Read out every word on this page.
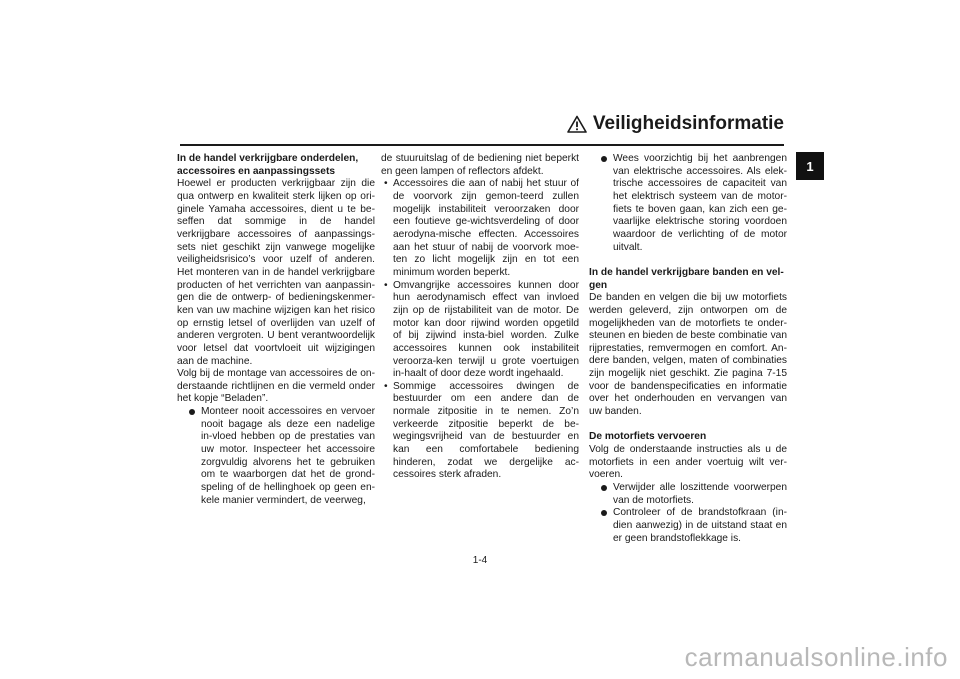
Veiligheidsinformatie
1

In de handel verkrijgbare onderdelen, accessoires en aanpassingssets

Hoewel er producten verkrijgbaar zijn die qua ontwerp en kwaliteit sterk lijken op ori-ginele Yamaha accessoires, dient u te be-seffen dat sommige in de handel verkrijgbare accessoires of aanpassings-sets niet geschikt zijn vanwege mogelijke veiligheidsrisico’s voor uzelf of anderen. Het monteren van in de handel verkrijgbare producten of het verrichten van aanpassin-gen die de ontwerp- of bedieningskenmer-ken van uw machine wijzigen kan het risico op ernstig letsel of overlijden van uzelf of anderen vergroten. U bent verantwoordelijk voor letsel dat voortvloeit uit wijzigingen aan de machine.

Volg bij de montage van accessoires de on-derstaande richtlijnen en die vermeld onder het kopje “Beladen”.

Monteer nooit accessoires en vervoer nooit bagage als deze een nadelige in-vloed hebben op de prestaties van uw motor. Inspecteer het accessoire zorgvuldig alvorens het te gebruiken om te waarborgen dat het de grond-speling of de hellinghoek op geen en-kele manier vermindert, de veerweg,

de stuuruitslag of de bediening niet beperkt en geen lampen of reflectors afdekt.

• Accessoires die aan of nabij het stuur of de voorvork zijn gemon-teerd zullen mogelijk instabiliteit veroorzaken door een foutieve ge-wichtsverdeling of door aerodyna-mische effecten. Accessoires aan het stuur of nabij de voorvork moe-ten zo licht mogelijk zijn en tot een minimum worden beperkt.
• Omvangrijke accessoires kunnen door hun aerodynamisch effect van invloed zijn op de rijstabiliteit van de motor. De motor kan door rijwind worden opgetild of bij zijwind insta-biel worden. Zulke accessoires kunnen ook instabiliteit veroorza-ken terwijl u grote voertuigen in-haalt of door deze wordt ingehaald.
• Sommige accessoires dwingen de bestuurder om een andere dan de normale zitpositie in te nemen. Zo’n verkeerde zitpositie beperkt de be-wegingsvrijheid van de bestuurder en kan een comfortabele bediening hinderen, zodat we dergelijke ac-cessoires sterk afraden.
Wees voorzichtig bij het aanbrengen van elektrische accessoires. Als elek-trische accessoires de capaciteit van het elektrisch systeem van de motor-fiets te boven gaan, kan zich een ge-vaarlijke elektrische storing voordoen waardoor de verlichting of de motor uitvalt.

In de handel verkrijgbare banden en vel-gen

De banden en velgen die bij uw motorfiets werden geleverd, zijn ontworpen om de mogelijkheden van de motorfiets te onder-steunen en bieden de beste combinatie van rijprestaties, remvermogen en comfort. An-dere banden, velgen, maten of combinaties zijn mogelijk niet geschikt. Zie pagina 7-15 voor de bandenspecificaties en informatie over het onderhouden en vervangen van uw banden.

De motorfiets vervoeren

Volg de onderstaande instructies als u de motorfiets in een ander voertuig wilt ver-voeren.

Verwijder alle loszittende voorwerpen van de motorfiets.
Controleer of de brandstofkraan (in-dien aanwezig) in de uitstand staat en er geen brandstoflekkage is.
1-4
carmanualsonline.info
